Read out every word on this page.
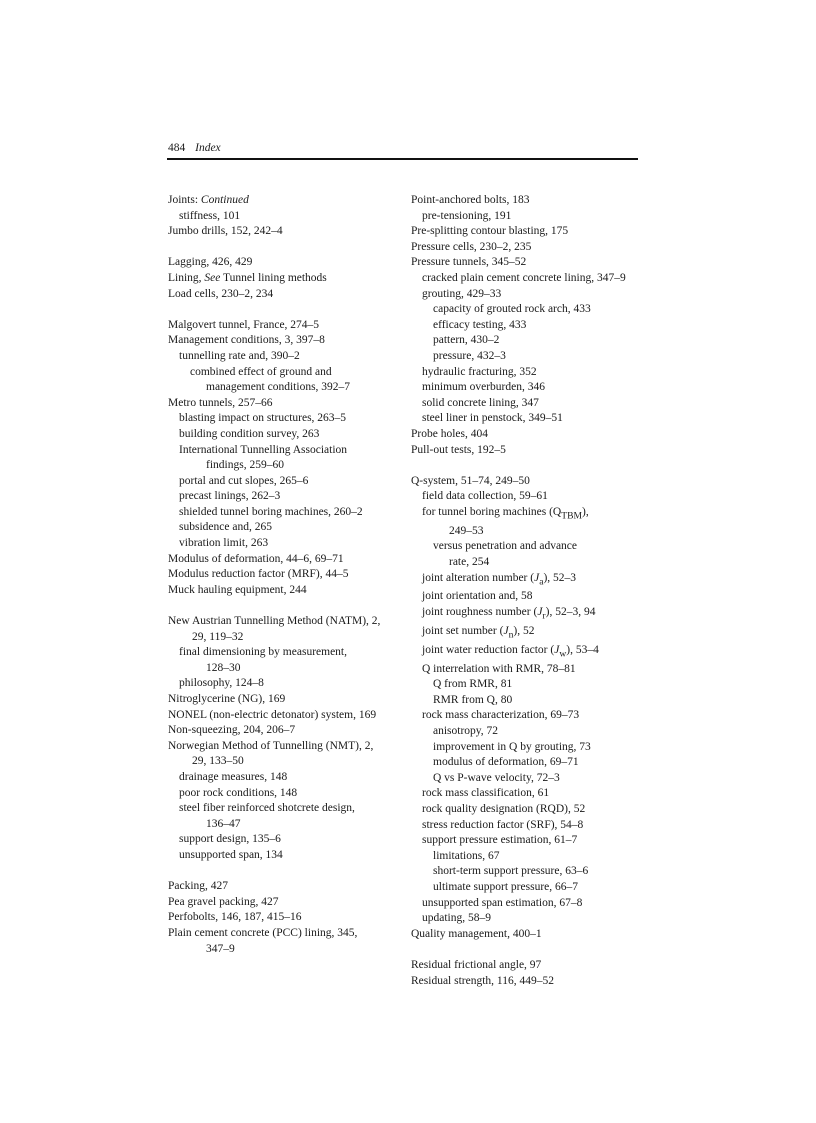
484 Index
Joints: Continued
stiffness, 101
Jumbo drills, 152, 242–4
Lagging, 426, 429
Lining, See Tunnel lining methods
Load cells, 230–2, 234
Malgovert tunnel, France, 274–5
Management conditions, 3, 397–8
tunnelling rate and, 390–2
combined effect of ground and
management conditions, 392–7
Metro tunnels, 257–66
blasting impact on structures, 263–5
building condition survey, 263
International Tunnelling Association
findings, 259–60
portal and cut slopes, 265–6
precast linings, 262–3
shielded tunnel boring machines, 260–2
subsidence and, 265
vibration limit, 263
Modulus of deformation, 44–6, 69–71
Modulus reduction factor (MRF), 44–5
Muck hauling equipment, 244
New Austrian Tunnelling Method (NATM), 2,
29, 119–32
final dimensioning by measurement,
128–30
philosophy, 124–8
Nitroglycerine (NG), 169
NONEL (non-electric detonator) system, 169
Non-squeezing, 204, 206–7
Norwegian Method of Tunnelling (NMT), 2,
29, 133–50
drainage measures, 148
poor rock conditions, 148
steel fiber reinforced shotcrete design,
136–47
support design, 135–6
unsupported span, 134
Packing, 427
Pea gravel packing, 427
Perfobolts, 146, 187, 415–16
Plain cement concrete (PCC) lining, 345,
347–9
Point-anchored bolts, 183
pre-tensioning, 191
Pre-splitting contour blasting, 175
Pressure cells, 230–2, 235
Pressure tunnels, 345–52
cracked plain cement concrete lining, 347–9
grouting, 429–33
capacity of grouted rock arch, 433
efficacy testing, 433
pattern, 430–2
pressure, 432–3
hydraulic fracturing, 352
minimum overburden, 346
solid concrete lining, 347
steel liner in penstock, 349–51
Probe holes, 404
Pull-out tests, 192–5
Q-system, 51–74, 249–50
field data collection, 59–61
for tunnel boring machines $(Q_{TBM})$,
249–53
versus penetration and advance
rate, 254
joint alteration number $(J_a)$, 52–3
joint orientation and, 58
joint roughness number $(J_r)$, 52–3, 94
joint set number $(J_n)$, 52
joint water reduction factor $(J_w)$, 53–4
Q interrelation with RMR, 78–81
Q from RMR, 81
RMR from Q, 80
rock mass characterization, 69–73
anisotropy, 72
improvement in Q by grouting, 73
modulus of deformation, 69–71
Q vs P-wave velocity, 72–3
rock mass classification, 61
rock quality designation (RQD), 52
stress reduction factor (SRF), 54–8
support pressure estimation, 61–7
limitations, 67
short-term support pressure, 63–6
ultimate support pressure, 66–7
unsupported span estimation, 67–8
updating, 58–9
Quality management, 400–1
Residual frictional angle, 97
Residual strength, 116, 449–52
